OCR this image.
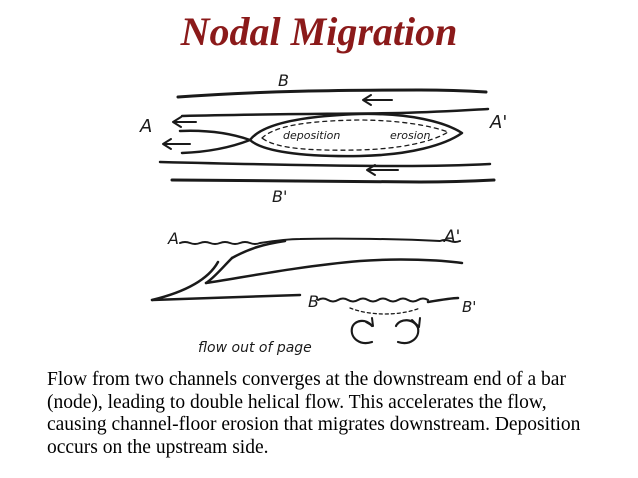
Nodal Migration
B
A	A'
B'
deposition	erosion
A	A'
B	B'
flow out of page
Flow from two channels converges at the downstream end of a bar (node), leading to double helical flow. This accelerates the flow, causing channel-floor erosion that migrates downstream. Deposition occurs on the upstream side.
